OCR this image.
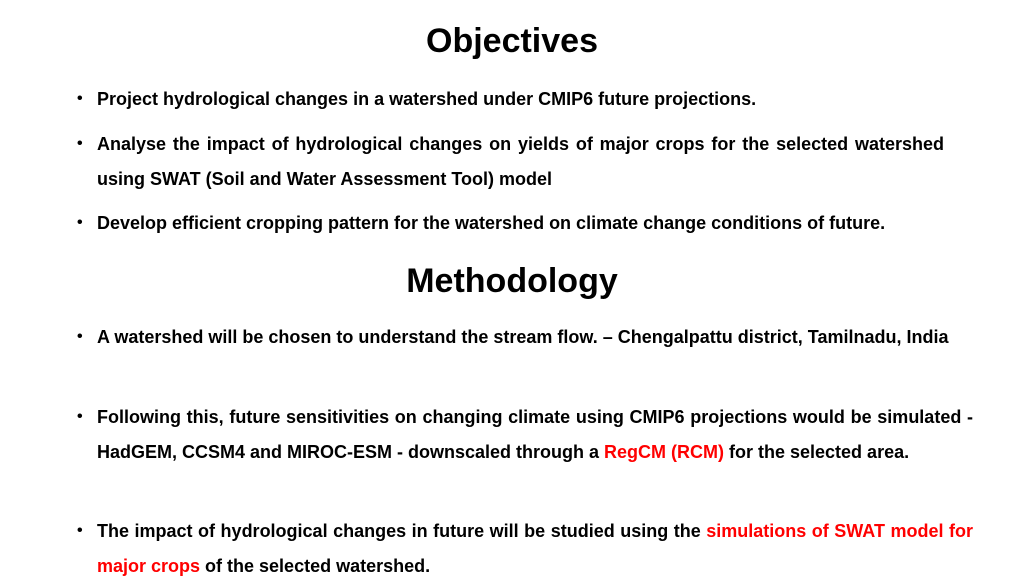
Objectives
• Project hydrological changes in a watershed under CMIP6 future projections.
• Analyse the impact of hydrological changes on yields of major crops for the selected watershed using SWAT (Soil and Water Assessment Tool) model
• Develop efficient cropping pattern for the watershed on climate change conditions of future.
Methodology
• A watershed will be chosen to understand the stream flow. – Chengalpattu district, Tamilnadu, India
• Following this, future sensitivities on changing climate using CMIP6 projections would be simulated - HadGEM, CCSM4 and MIROC-ESM - downscaled through a RegCM (RCM) for the selected area.
• The impact of hydrological changes in future will be studied using the simulations of SWAT model for major crops of the selected watershed.
